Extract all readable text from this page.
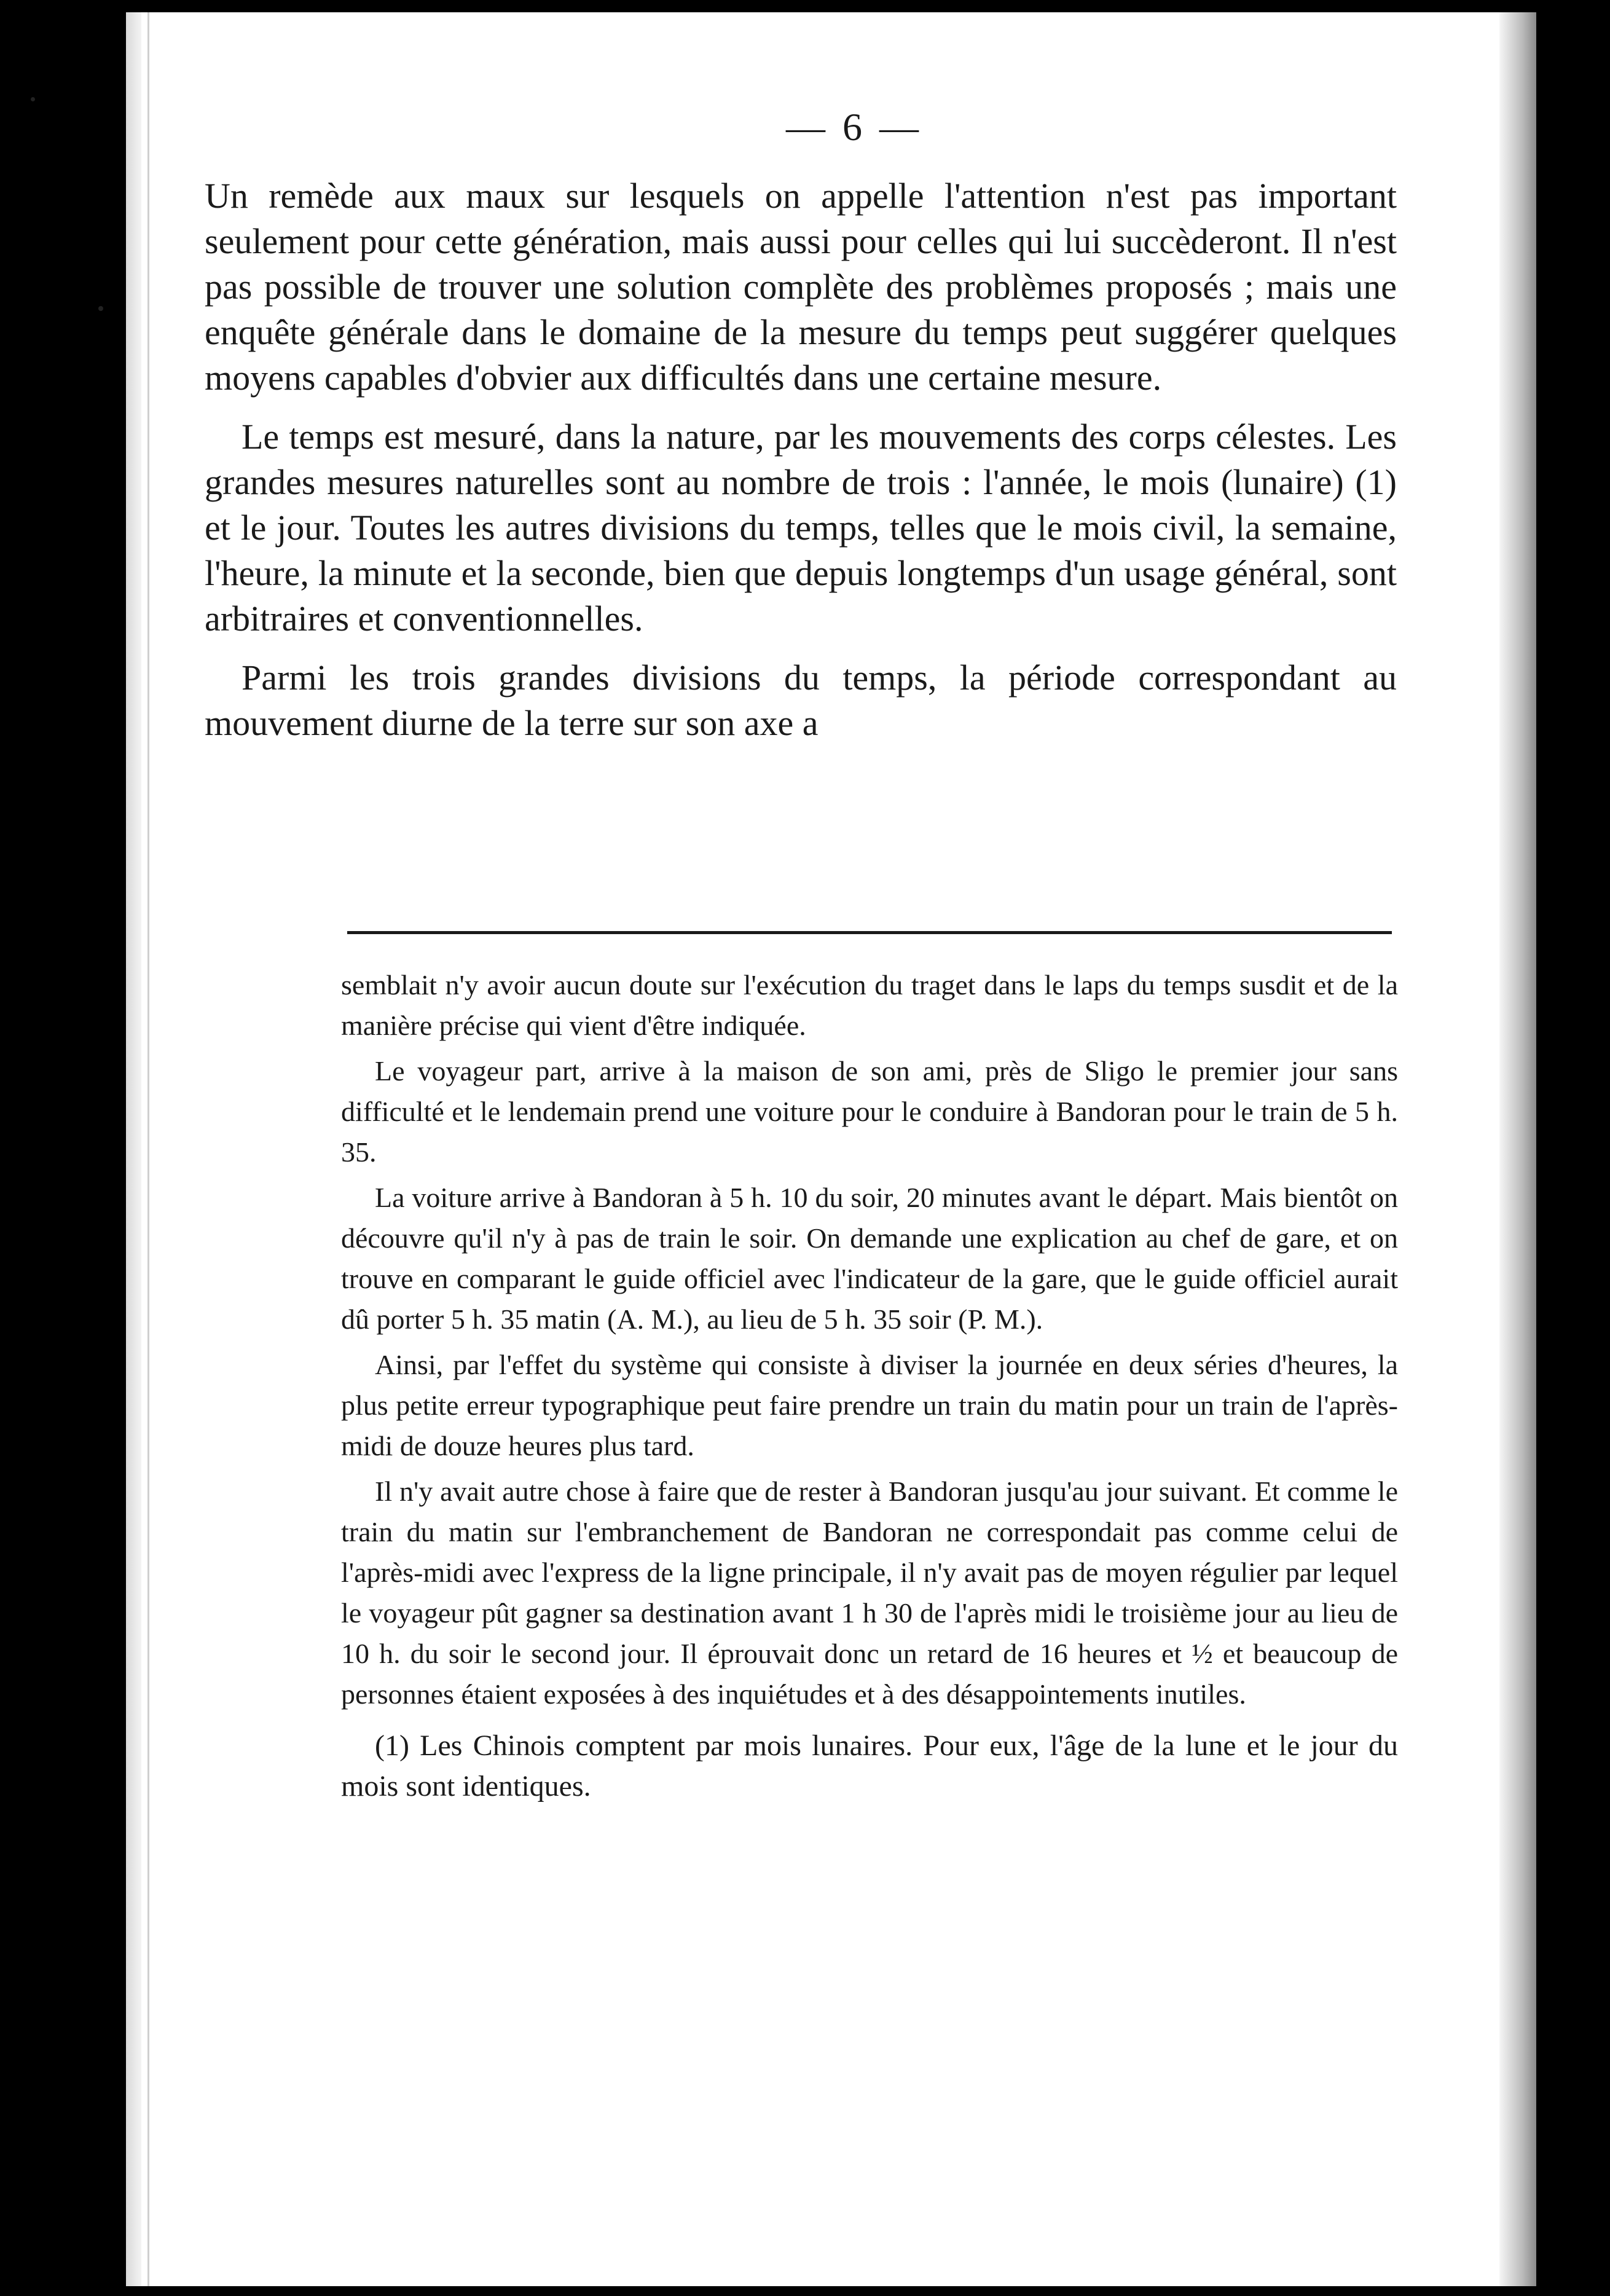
— 6 —

Un remède aux maux sur lesquels on appelle l'attention n'est pas important seulement pour cette génération, mais aussi pour celles qui lui succèderont. Il n'est pas possible de trouver une solution complète des problèmes proposés ; mais une enquête générale dans le domaine de la mesure du temps peut suggérer quelques moyens capables d'obvier aux difficultés dans une certaine mesure.

Le temps est mesuré, dans la nature, par les mouvements des corps célestes. Les grandes mesures naturelles sont au nombre de trois : l'année, le mois (lunaire) (1) et le jour. Toutes les autres divisions du temps, telles que le mois civil, la semaine, l'heure, la minute et la seconde, bien que depuis longtemps d'un usage général, sont arbitraires et conventionnelles.

Parmi les trois grandes divisions du temps, la période correspondant au mouvement diurne de la terre sur son axe a

semblait n'y avoir aucun doute sur l'exécution du traget dans le laps du temps susdit et de la manière précise qui vient d'être indiquée.

Le voyageur part, arrive à la maison de son ami, près de Sligo le premier jour sans difficulté et le lendemain prend une voiture pour le conduire à Bandoran pour le train de 5 h. 35.

La voiture arrive à Bandoran à 5 h. 10 du soir, 20 minutes avant le départ. Mais bientôt on découvre qu'il n'y à pas de train le soir. On demande une explication au chef de gare, et on trouve en comparant le guide officiel avec l'indicateur de la gare, que le guide officiel aurait dû porter 5 h. 35 matin (A. M.), au lieu de 5 h. 35 soir (P. M.).

Ainsi, par l'effet du système qui consiste à diviser la journée en deux séries d'heures, la plus petite erreur typographique peut faire prendre un train du matin pour un train de l'après-midi de douze heures plus tard.

Il n'y avait autre chose à faire que de rester à Bandoran jusqu'au jour suivant. Et comme le train du matin sur l'embranchement de Bandoran ne correspondait pas comme celui de l'après-midi avec l'express de la ligne principale, il n'y avait pas de moyen régulier par lequel le voyageur pût gagner sa destination avant 1 h 30 de l'après midi le troisième jour au lieu de 10 h. du soir le second jour. Il éprouvait donc un retard de 16 heures et ½ et beaucoup de personnes étaient exposées à des inquiétudes et à des désappointements inutiles.

(1) Les Chinois comptent par mois lunaires. Pour eux, l'âge de la lune et le jour du mois sont identiques.
